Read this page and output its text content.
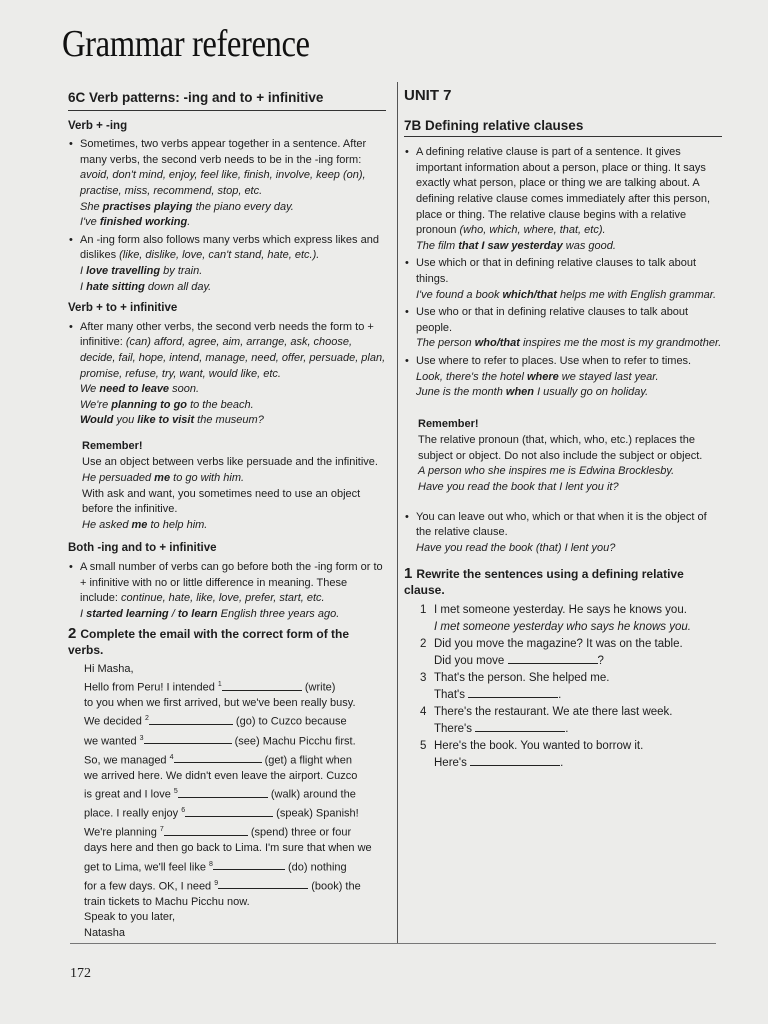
Grammar reference
6C Verb patterns: -ing and to + infinitive
Verb + -ing
• Sometimes, two verbs appear together in a sentence. After many verbs, the second verb needs to be in the -ing form:
avoid, don't mind, enjoy, feel like, finish, involve, keep (on), practise, miss, recommend, stop, etc.
She practises playing the piano every day.
I've finished working.
• An -ing form also follows many verbs which express likes and dislikes (like, dislike, love, can't stand, hate, etc.).
I love travelling by train.
I hate sitting down all day.
Verb + to + infinitive
• After many other verbs, the second verb needs the form to + infinitive: (can) afford, agree, aim, arrange, ask, choose, decide, fail, hope, intend, manage, need, offer, persuade, plan, promise, refuse, try, want, would like, etc.
We need to leave soon.
We're planning to go to the beach.
Would you like to visit the museum?
Remember!
Use an object between verbs like persuade and the infinitive.
He persuaded me to go with him.
With ask and want, you sometimes need to use an object before the infinitive.
He asked me to help him.
Both -ing and to + infinitive
• A small number of verbs can go before both the -ing form or to + infinitive with no or little difference in meaning. These include: continue, hate, like, love, prefer, start, etc.
I started learning / to learn English three years ago.
2 Complete the email with the correct form of the verbs.
Hi Masha,
Hello from Peru! I intended $^1$	(write)
to you when we first arrived, but we've been really busy.
We decided $^2$	(go) to Cuzco because
we wanted $^3$	(see) Machu Picchu first.
So, we managed $^4$	(get) a flight when
we arrived here. We didn't even leave the airport. Cuzco
is great and I love $^5$	(walk) around the
place. I really enjoy $^6$	(speak) Spanish!
We're planning $^7$	(spend) three or four
days here and then go back to Lima. I'm sure that when we
get to Lima, we'll feel like $^8$	(do) nothing
for a few days. OK, I need $^9$	(book) the
train tickets to Machu Picchu now.
Speak to you later,
Natasha
UNIT 7
7B Defining relative clauses
• A defining relative clause is part of a sentence. It gives important information about a person, place or thing. It says exactly what person, place or thing we are talking about. A defining relative clause comes immediately after this person, place or thing. The relative clause begins with a relative pronoun (who, which, where, that, etc).
The film that I saw yesterday was good.
• Use which or that in defining relative clauses to talk about things.
I've found a book which/that helps me with English grammar.
• Use who or that in defining relative clauses to talk about people.
The person who/that inspires me the most is my grandmother.
• Use where to refer to places. Use when to refer to times.
Look, there's the hotel where we stayed last year.
June is the month when I usually go on holiday.
Remember!
The relative pronoun (that, which, who, etc.) replaces the subject or object. Do not also include the subject or object.
A person who she inspires me is Edwina Brocklesby.
Have you read the book that I lent you it?
• You can leave out who, which or that when it is the object of the relative clause.
Have you read the book (that) I lent you?
1 Rewrite the sentences using a defining relative clause.
1 I met someone yesterday. He says he knows you.
I met someone yesterday who says he knows you.
2 Did you move the magazine? It was on the table.
Did you move	?
3 That's the person. She helped me.
That's	.
4 There's the restaurant. We ate there last week.
There's	.
5 Here's the book. You wanted to borrow it.
Here's	.
172
